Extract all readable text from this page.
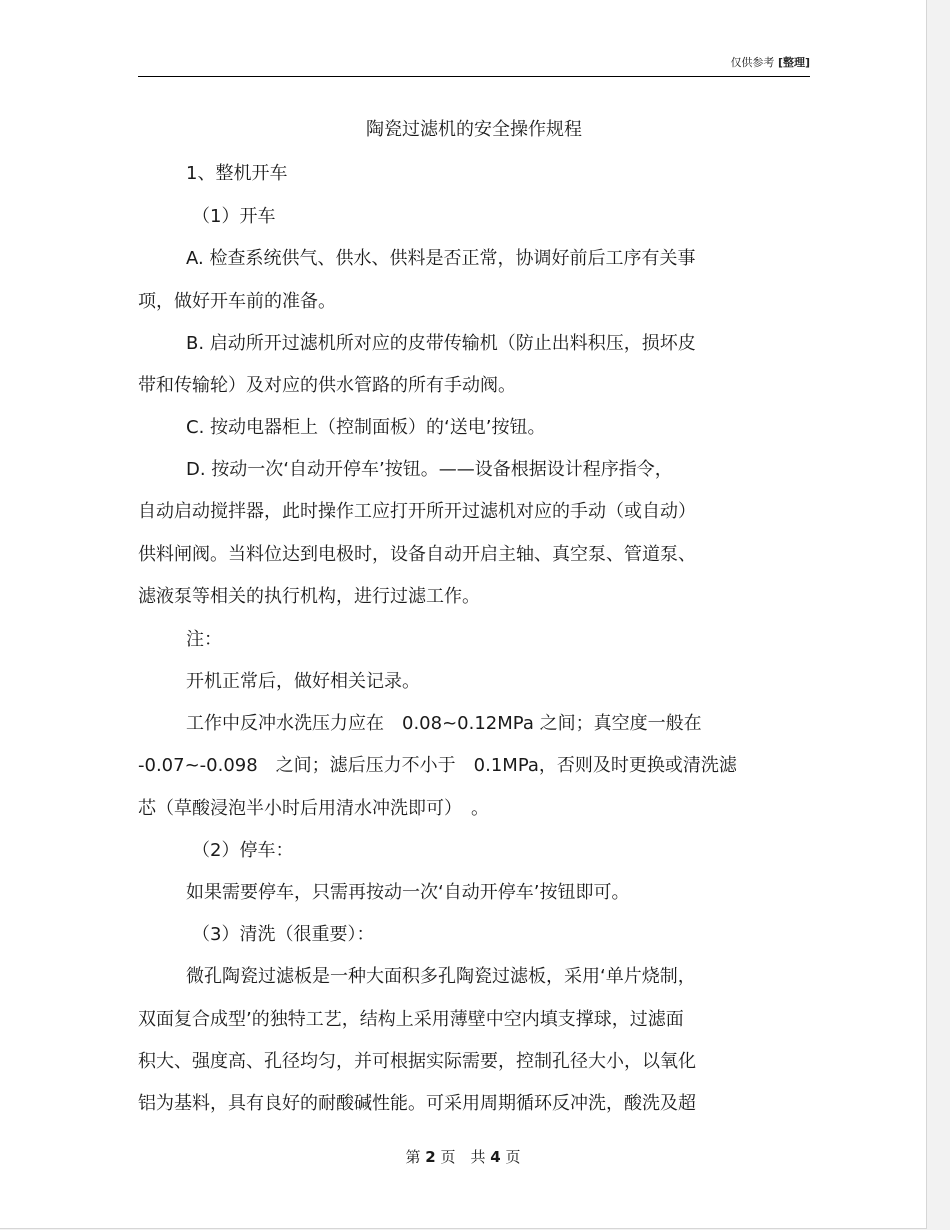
仅供参考 [整理]
陶瓷过滤机的安全操作规程
1、整机开车
（1）开车
A. 检查系统供气、供水、供料是否正常，协调好前后工序有关事
项，做好开车前的准备。
B. 启动所开过滤机所对应的皮带传输机（防止出料积压，损坏皮
带和传输轮）及对应的供水管路的所有手动阀。
C. 按动电器柜上（控制面板）的‘送电’按钮。
D. 按动一次‘自动开停车’按钮。——设备根据设计程序指令，
自动启动搅拌器，此时操作工应打开所开过滤机对应的手动（或自动）
供料闸阀。当料位达到电极时，设备自动开启主轴、真空泵、管道泵、
滤液泵等相关的执行机构，进行过滤工作。
注：
开机正常后，做好相关记录。
工作中反冲水洗压力应在　0.08~0.12MPa 之间；真空度一般在
-0.07~-0.098　之间；滤后压力不小于　0.1MPa，否则及时更换或清洗滤
芯（草酸浸泡半小时后用清水冲洗即可）　。
（2）停车：
如果需要停车，只需再按动一次‘自动开停车’按钮即可。
（3）清洗（很重要）：
微孔陶瓷过滤板是一种大面积多孔陶瓷过滤板，采用‘单片烧制，
双面复合成型’的独特工艺，结构上采用薄壁中空内填支撑球，过滤面
积大、强度高、孔径均匀，并可根据实际需要，控制孔径大小，以氧化
铝为基料，具有良好的耐酸碱性能。可采用周期循环反冲洗，酸洗及超
第 2 页　共 4 页
